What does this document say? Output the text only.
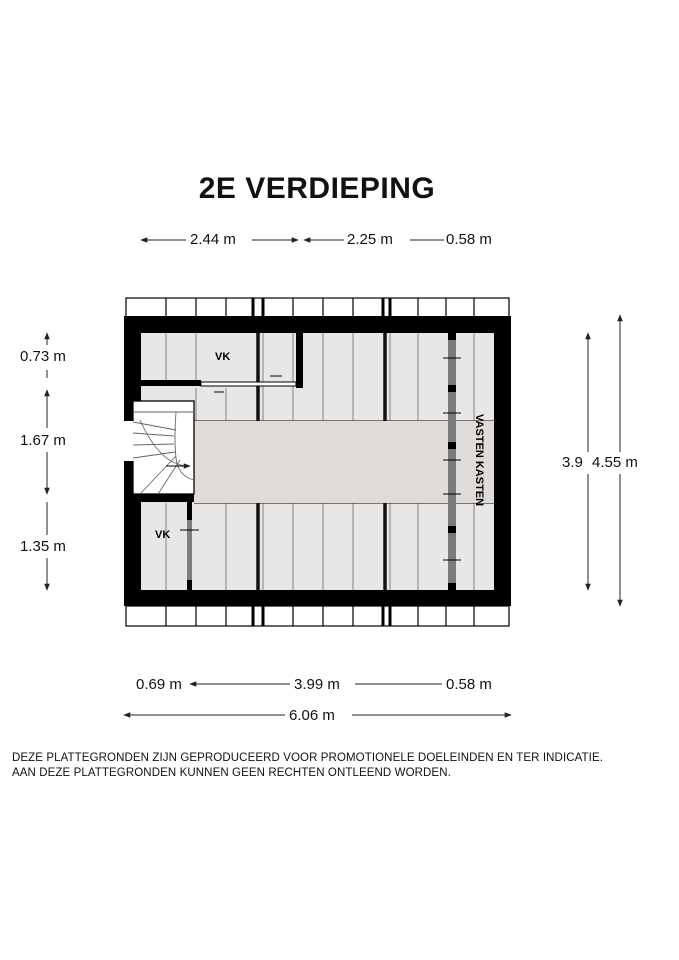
2E VERDIEPING
VK
VK
VASTEN KASTEN
2.44 m	2.25 m	0.58 m
0.73 m
1.67 m
1.35 m
3.9 4.55 m
0.69 m	3.99 m	0.58 m
6.06 m
DEZE PLATTEGRONDEN ZIJN GEPRODUCEERD VOOR PROMOTIONELE DOELEINDEN EN TER INDICATIE.
AAN DEZE PLATTEGRONDEN KUNNEN GEEN RECHTEN ONTLEEND WORDEN.
